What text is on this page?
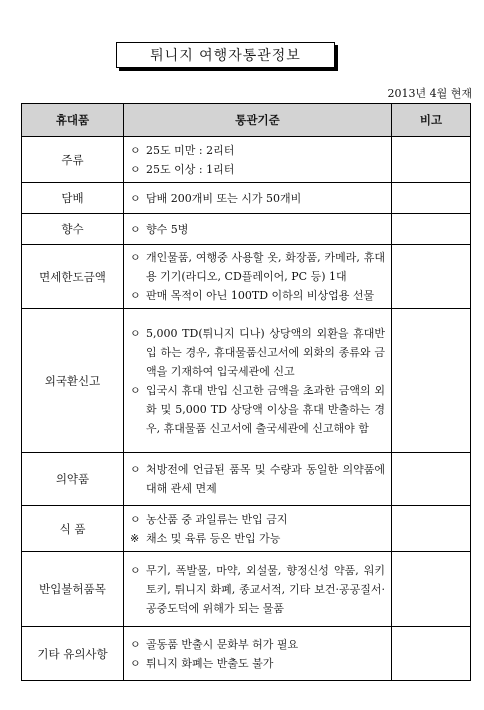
튀니지 여행자통관정보
2013년 4월 현재
휴대품	통관기준	비고
주류	ㅇ 25도 미만 : 2리터
ㅇ 25도 이상 : 1리터	

담배	ㅇ 담배 200개비 또는 시가 50개비	

향수	ㅇ 향수 5병	

면세한도금액	ㅇ 개인물품, 여행중 사용할 옷, 화장품, 카메라, 휴대용 기기(라디오, CD플레이어, PC 등) 1대
ㅇ 판매 목적이 아닌 100TD 이하의 비상업용 선물	

외국환신고	ㅇ 5,000 TD(튀니지 디나) 상당액의 외환을 휴대반입 하는 경우, 휴대물품신고서에 외화의 종류와 금액을 기재하여 입국세관에 신고
ㅇ 입국시 휴대 반입 신고한 금액을 초과한 금액의 외화 및 5,000 TD 상당액 이상을 휴대 반출하는 경우, 휴대물품 신고서에 출국세관에 신고해야 함	

의약품	ㅇ 처방전에 언급된 품목 및 수량과 동일한 의약품에 대해 관세 면제	

식 품	ㅇ 농산품 중 과일류는 반입 금지
※ 채소 및 육류 등은 반입 가능	

반입불허품목	ㅇ 무기, 폭발물, 마약, 외설물, 향정신성 약품, 워키토키, 튀니지 화폐, 종교서적, 기타 보건·공공질서·공중도덕에 위해가 되는 물품	

기타 유의사항	ㅇ 골동품 반출시 문화부 허가 필요
ㅇ 튀니지 화폐는 반출도 불가	
